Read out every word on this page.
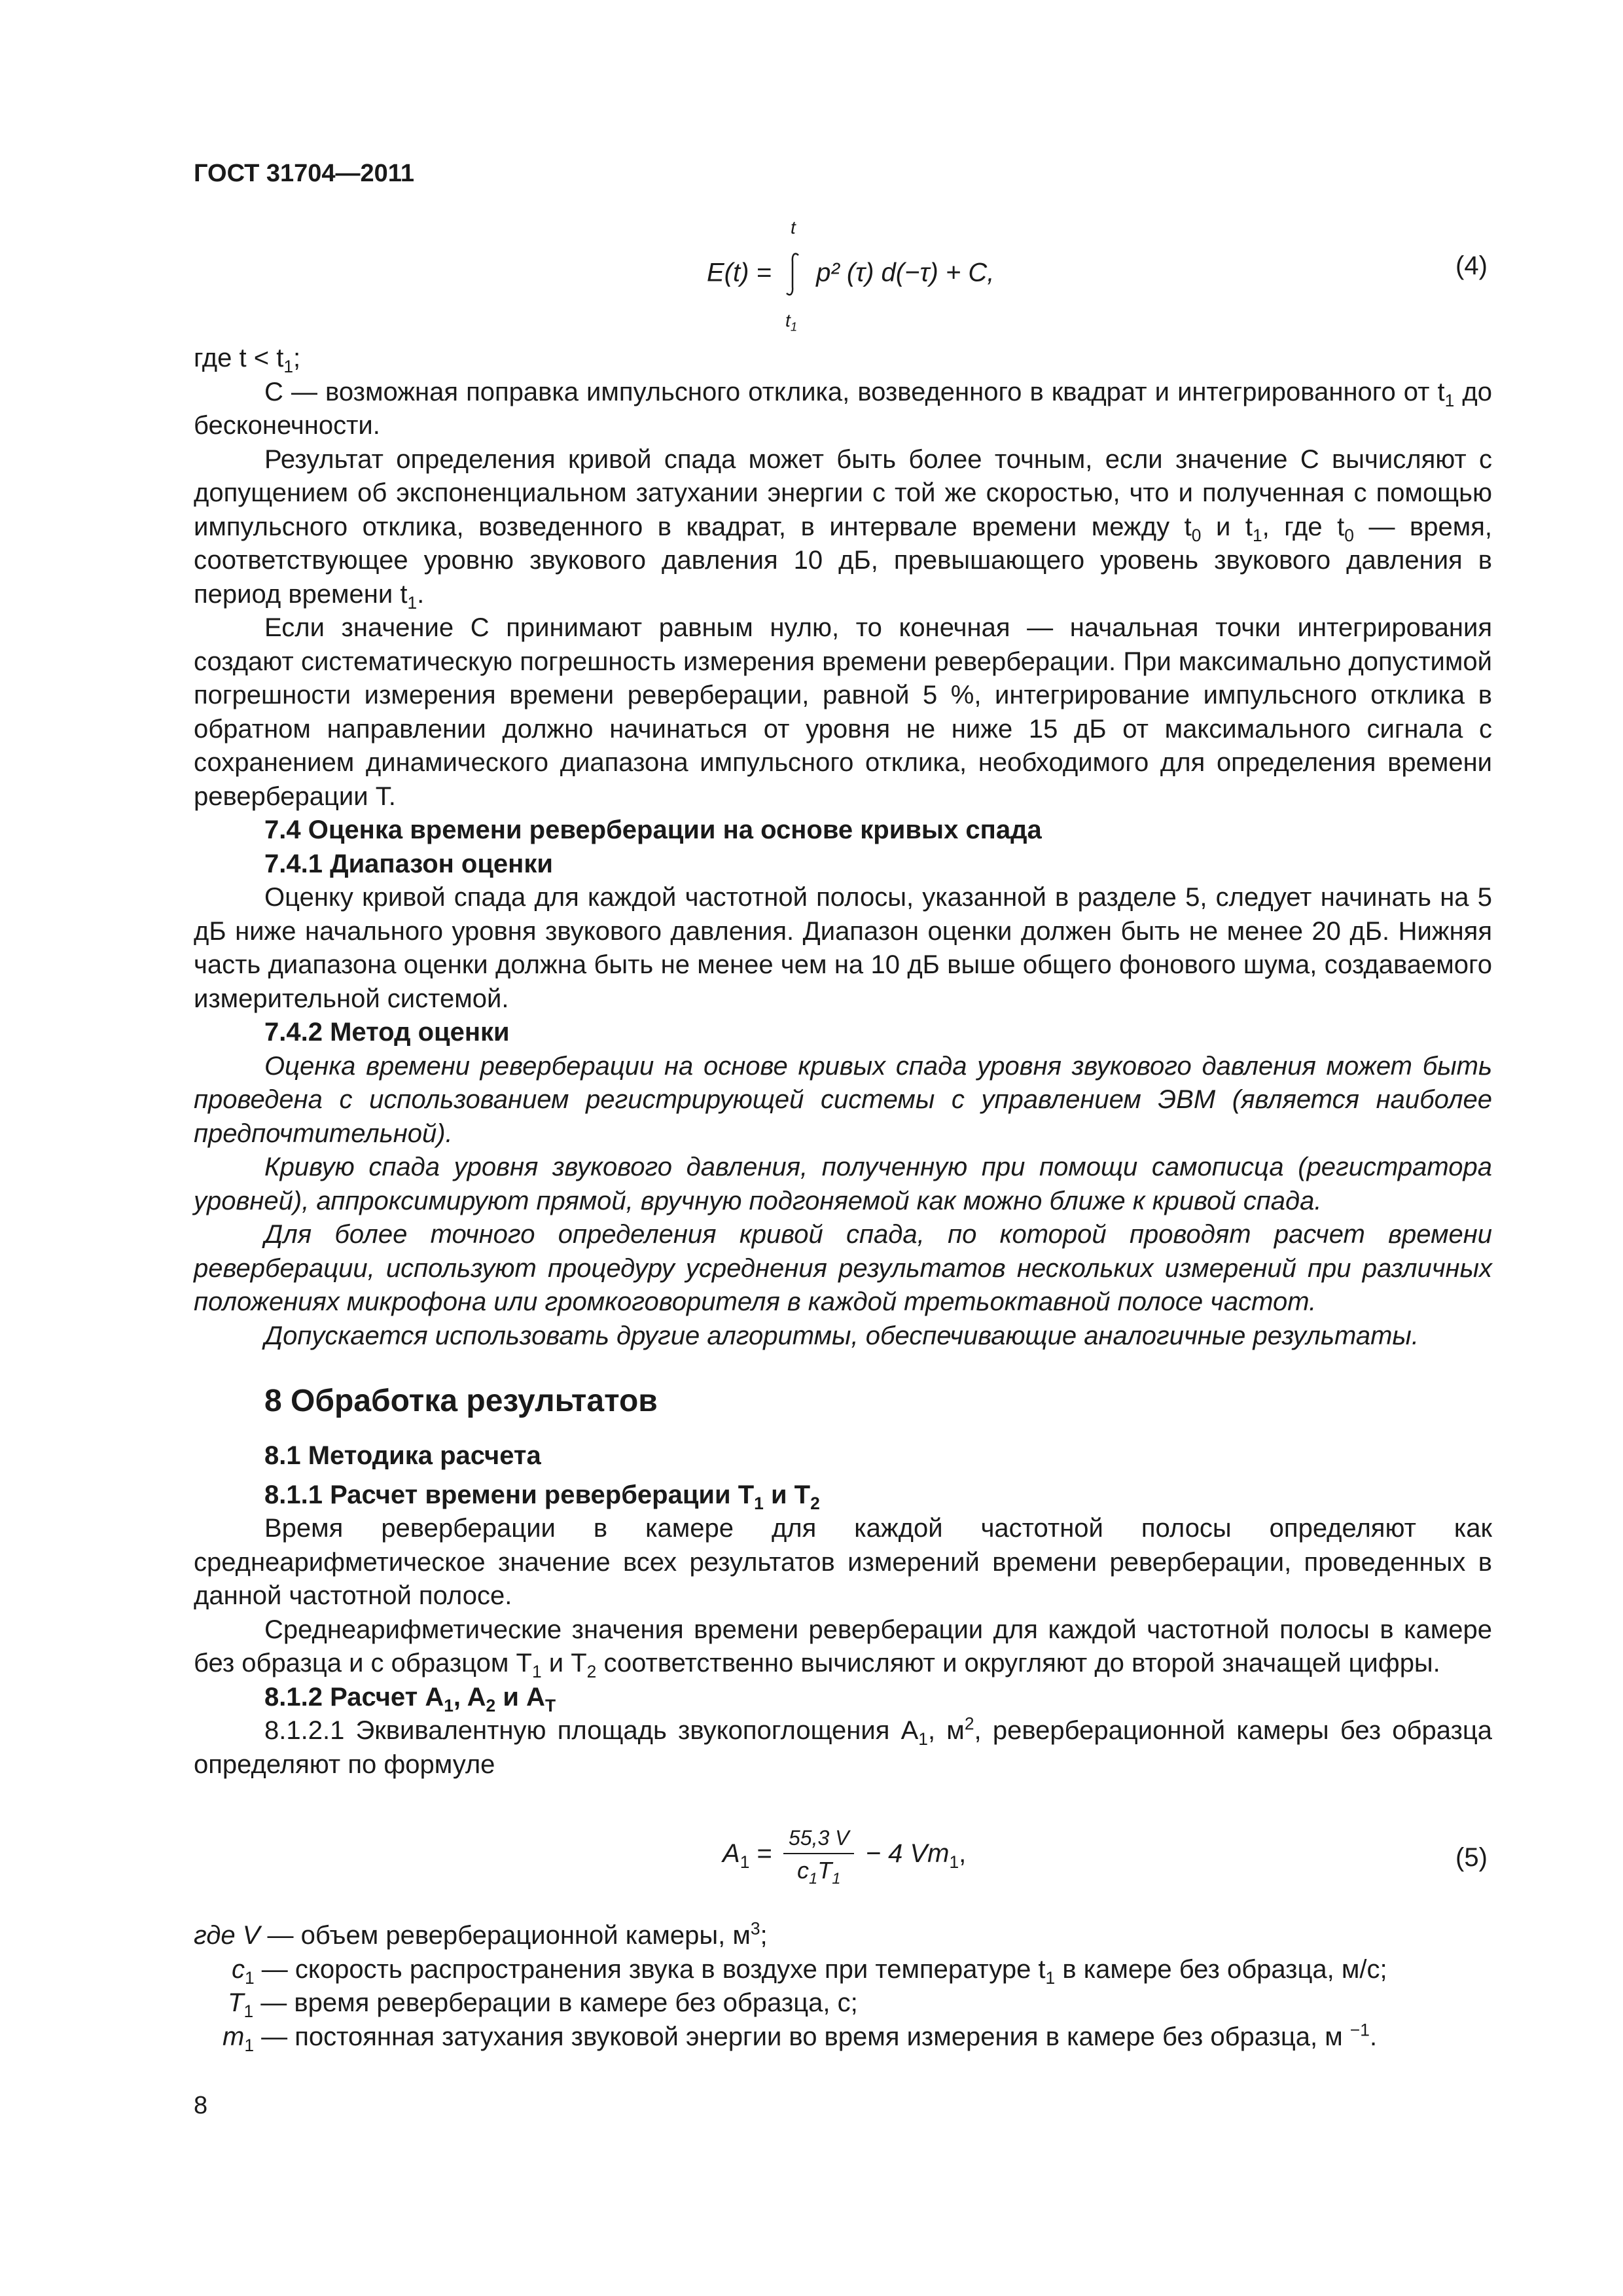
ГОСТ 31704—2011
E(t) =
t
$t_1$
p² (τ) d(−τ) + C,	(4)

где $t < t_1$;

C — возможная поправка импульсного отклика, возведенного в квадрат и интегрированного от $t_1$ до бесконечности.

Результат определения кривой спада может быть более точным, если значение C вычисляют с допущением об экспоненциальном затухании энергии с той же скоростью, что и полученная с помощью импульсного отклика, возведенного в квадрат, в интервале времени между $t_0$ и $t_1$, где $t_0$ — время, соответствующее уровню звукового давления 10 дБ, превышающего уровень звукового давления в период времени $t_1$.

Если значение C принимают равным нулю, то конечная — начальная точки интегрирования создают систематическую погрешность измерения времени реверберации. При максимально допустимой погрешности измерения времени реверберации, равной 5 %, интегрирование импульсного отклика в обратном направлении должно начинаться от уровня не ниже 15 дБ от максимального сигнала с сохранением динамического диапазона импульсного отклика, необходимого для определения времени реверберации T.

7.4 Оценка времени реверберации на основе кривых спада

7.4.1 Диапазон оценки

Оценку кривой спада для каждой частотной полосы, указанной в разделе 5, следует начинать на 5 дБ ниже начального уровня звукового давления. Диапазон оценки должен быть не менее 20 дБ. Нижняя часть диапазона оценки должна быть не менее чем на 10 дБ выше общего фонового шума, создаваемого измерительной системой.

7.4.2 Метод оценки

Оценка времени реверберации на основе кривых спада уровня звукового давления может быть проведена с использованием регистрирующей системы с управлением ЭВМ (является наиболее предпочтительной).

Кривую спада уровня звукового давления, полученную при помощи самописца (регистратора уровней), аппроксимируют прямой, вручную подгоняемой как можно ближе к кривой спада.

Для более точного определения кривой спада, по которой проводят расчет времени реверберации, используют процедуру усреднения результатов нескольких измерений при различных положениях микрофона или громкоговорителя в каждой третьоктавной полосе частот.

Допускается использовать другие алгоритмы, обеспечивающие аналогичные результаты.

8 Обработка результатов

8.1 Методика расчета

8.1.1 Расчет времени реверберации $T_1$ и $T_2$

Время реверберации в камере для каждой частотной полосы определяют как среднеарифметическое значение всех результатов измерений времени реверберации, проведенных в данной частотной полосе.

Среднеарифметические значения времени реверберации для каждой частотной полосы в камере без образца и с образцом $T_1$ и $T_2$ соответственно вычисляют и округляют до второй значащей цифры.

8.1.2 Расчет $A_1$, $A_2$ и $A_T$

8.1.2.1 Эквивалентную площадь звукопоглощения $A_1$, $м^2$, реверберационной камеры без образца определяют по формуле

$A_1 = \frac{55,3 V}{c_1T_1} - 4$ $Vm_1$,	(5)

где V — объем реверберационной камеры, $м^3$;

$c_1$ — скорость распространения звука в воздухе при температуре $t_1$ в камере без образца, м/с;

$T_1$ — время реверберации в камере без образца, с;

$m_1$ — постоянная затухания звуковой энергии во время измерения в камере без образца, м $^{-1}$.

8
